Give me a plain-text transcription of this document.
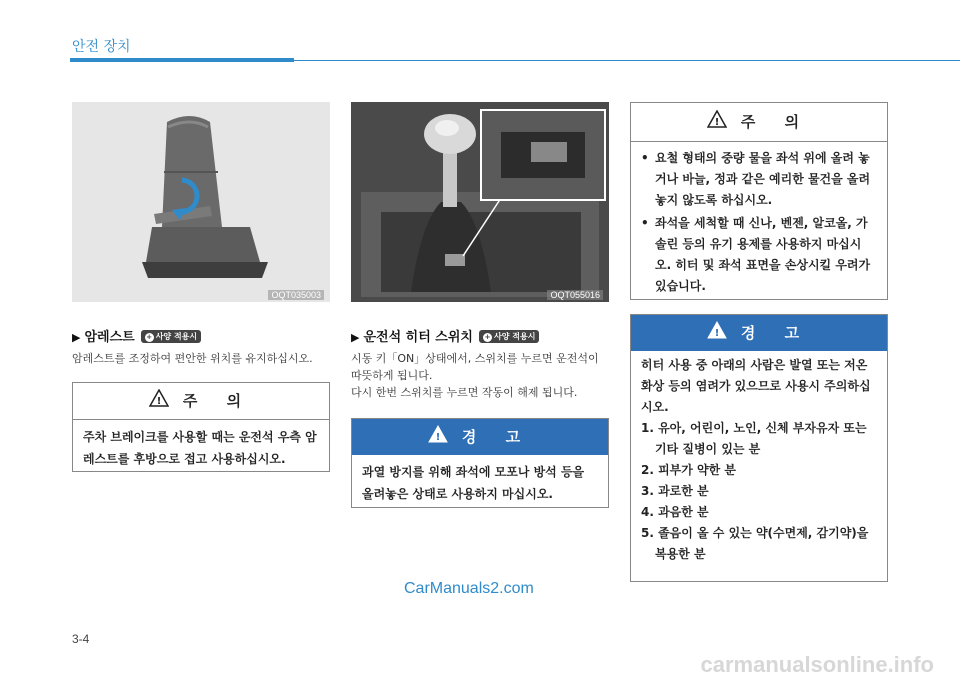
안전 장치
OQT035003	OQT055016
▶ 암레스트 + 사양 적용시
암레스트를 조정하여 편안한 위치를 유지하십시오.
! 주 의
주차 브레이크를 사용할 때는 운전석 우측 암레스트를 후방으로 접고 사용하십시오.
▶ 운전석 히터 스위치 + 사양 적용시
시동 키「ON」상태에서, 스위치를 누르면 운전석이 따뜻하게 됩니다.
다시 한번 스위치를 누르면 작동이 해제 됩니다.
! 경 고
과열 방지를 위해 좌석에 모포나 방석 등을 올려놓은 상태로 사용하지 마십시오.
! 주 의
• 요철 형태의 중량 물을 좌석 위에 올려 놓거나 바늘, 정과 같은 예리한 물건을 올려 놓지 않도록 하십시오.
• 좌석을 세척할 때 신나, 벤젠, 알코올, 가솔린 등의 유기 용제를 사용하지 마십시오. 히터 및 좌석 표면을 손상시킬 우려가 있습니다.
! 경 고
히터 사용 중 아래의 사람은 발열 또는 저온 화상 등의 염려가 있으므로 사용시 주의하십시오.
1. 유아, 어린이, 노인, 신체 부자유자 또는 기타 질병이 있는 분
2. 피부가 약한 분
3. 과로한 분
4. 과음한 분
5. 졸음이 올 수 있는 약(수면제, 감기약)을 복용한 분
CarManuals2.com
3-4
carmanualsonline.info
